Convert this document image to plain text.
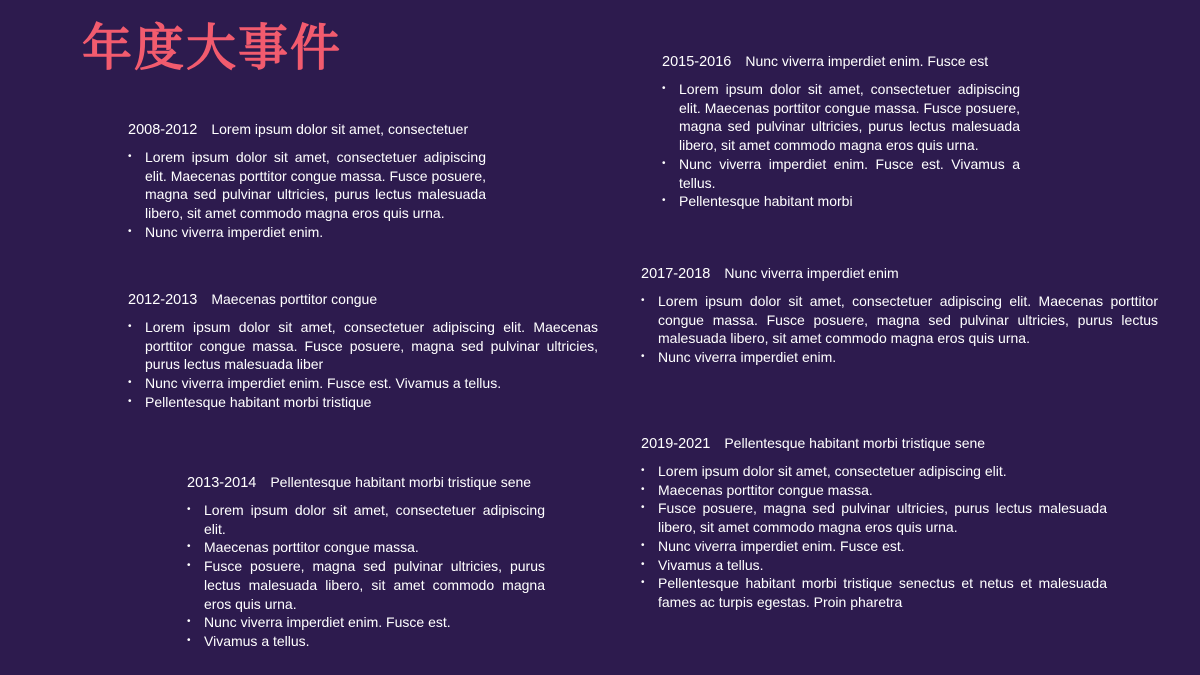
年度大事件
2008-2012 Lorem ipsum dolor sit amet, consectetuer
• Lorem ipsum dolor sit amet, consectetuer adipiscing elit. Maecenas porttitor congue massa. Fusce posuere, magna sed pulvinar ultricies, purus lectus malesuada libero, sit amet commodo magna eros quis urna.
• Nunc viverra imperdiet enim.
2012-2013 Maecenas porttitor congue
• Lorem ipsum dolor sit amet, consectetuer adipiscing elit. Maecenas porttitor congue massa. Fusce posuere, magna sed pulvinar ultricies, purus lectus malesuada liber
• Nunc viverra imperdiet enim. Fusce est. Vivamus a tellus.
• Pellentesque habitant morbi tristique
2013-2014 Pellentesque habitant morbi tristique sene
• Lorem ipsum dolor sit amet, consectetuer adipiscing elit.
• Maecenas porttitor congue massa.
• Fusce posuere, magna sed pulvinar ultricies, purus lectus malesuada libero, sit amet commodo magna eros quis urna.
• Nunc viverra imperdiet enim. Fusce est.
• Vivamus a tellus.
2015-2016 Nunc viverra imperdiet enim. Fusce est
• Lorem ipsum dolor sit amet, consectetuer adipiscing elit. Maecenas porttitor congue massa. Fusce posuere, magna sed pulvinar ultricies, purus lectus malesuada libero, sit amet commodo magna eros quis urna.
• Nunc viverra imperdiet enim. Fusce est. Vivamus a tellus.
• Pellentesque habitant morbi
2017-2018 Nunc viverra imperdiet enim
• Lorem ipsum dolor sit amet, consectetuer adipiscing elit. Maecenas porttitor congue massa. Fusce posuere, magna sed pulvinar ultricies, purus lectus malesuada libero, sit amet commodo magna eros quis urna.
• Nunc viverra imperdiet enim.
2019-2021 Pellentesque habitant morbi tristique sene
• Lorem ipsum dolor sit amet, consectetuer adipiscing elit.
• Maecenas porttitor congue massa.
• Fusce posuere, magna sed pulvinar ultricies, purus lectus malesuada libero, sit amet commodo magna eros quis urna.
• Nunc viverra imperdiet enim. Fusce est.
• Vivamus a tellus.
• Pellentesque habitant morbi tristique senectus et netus et malesuada fames ac turpis egestas. Proin pharetra
